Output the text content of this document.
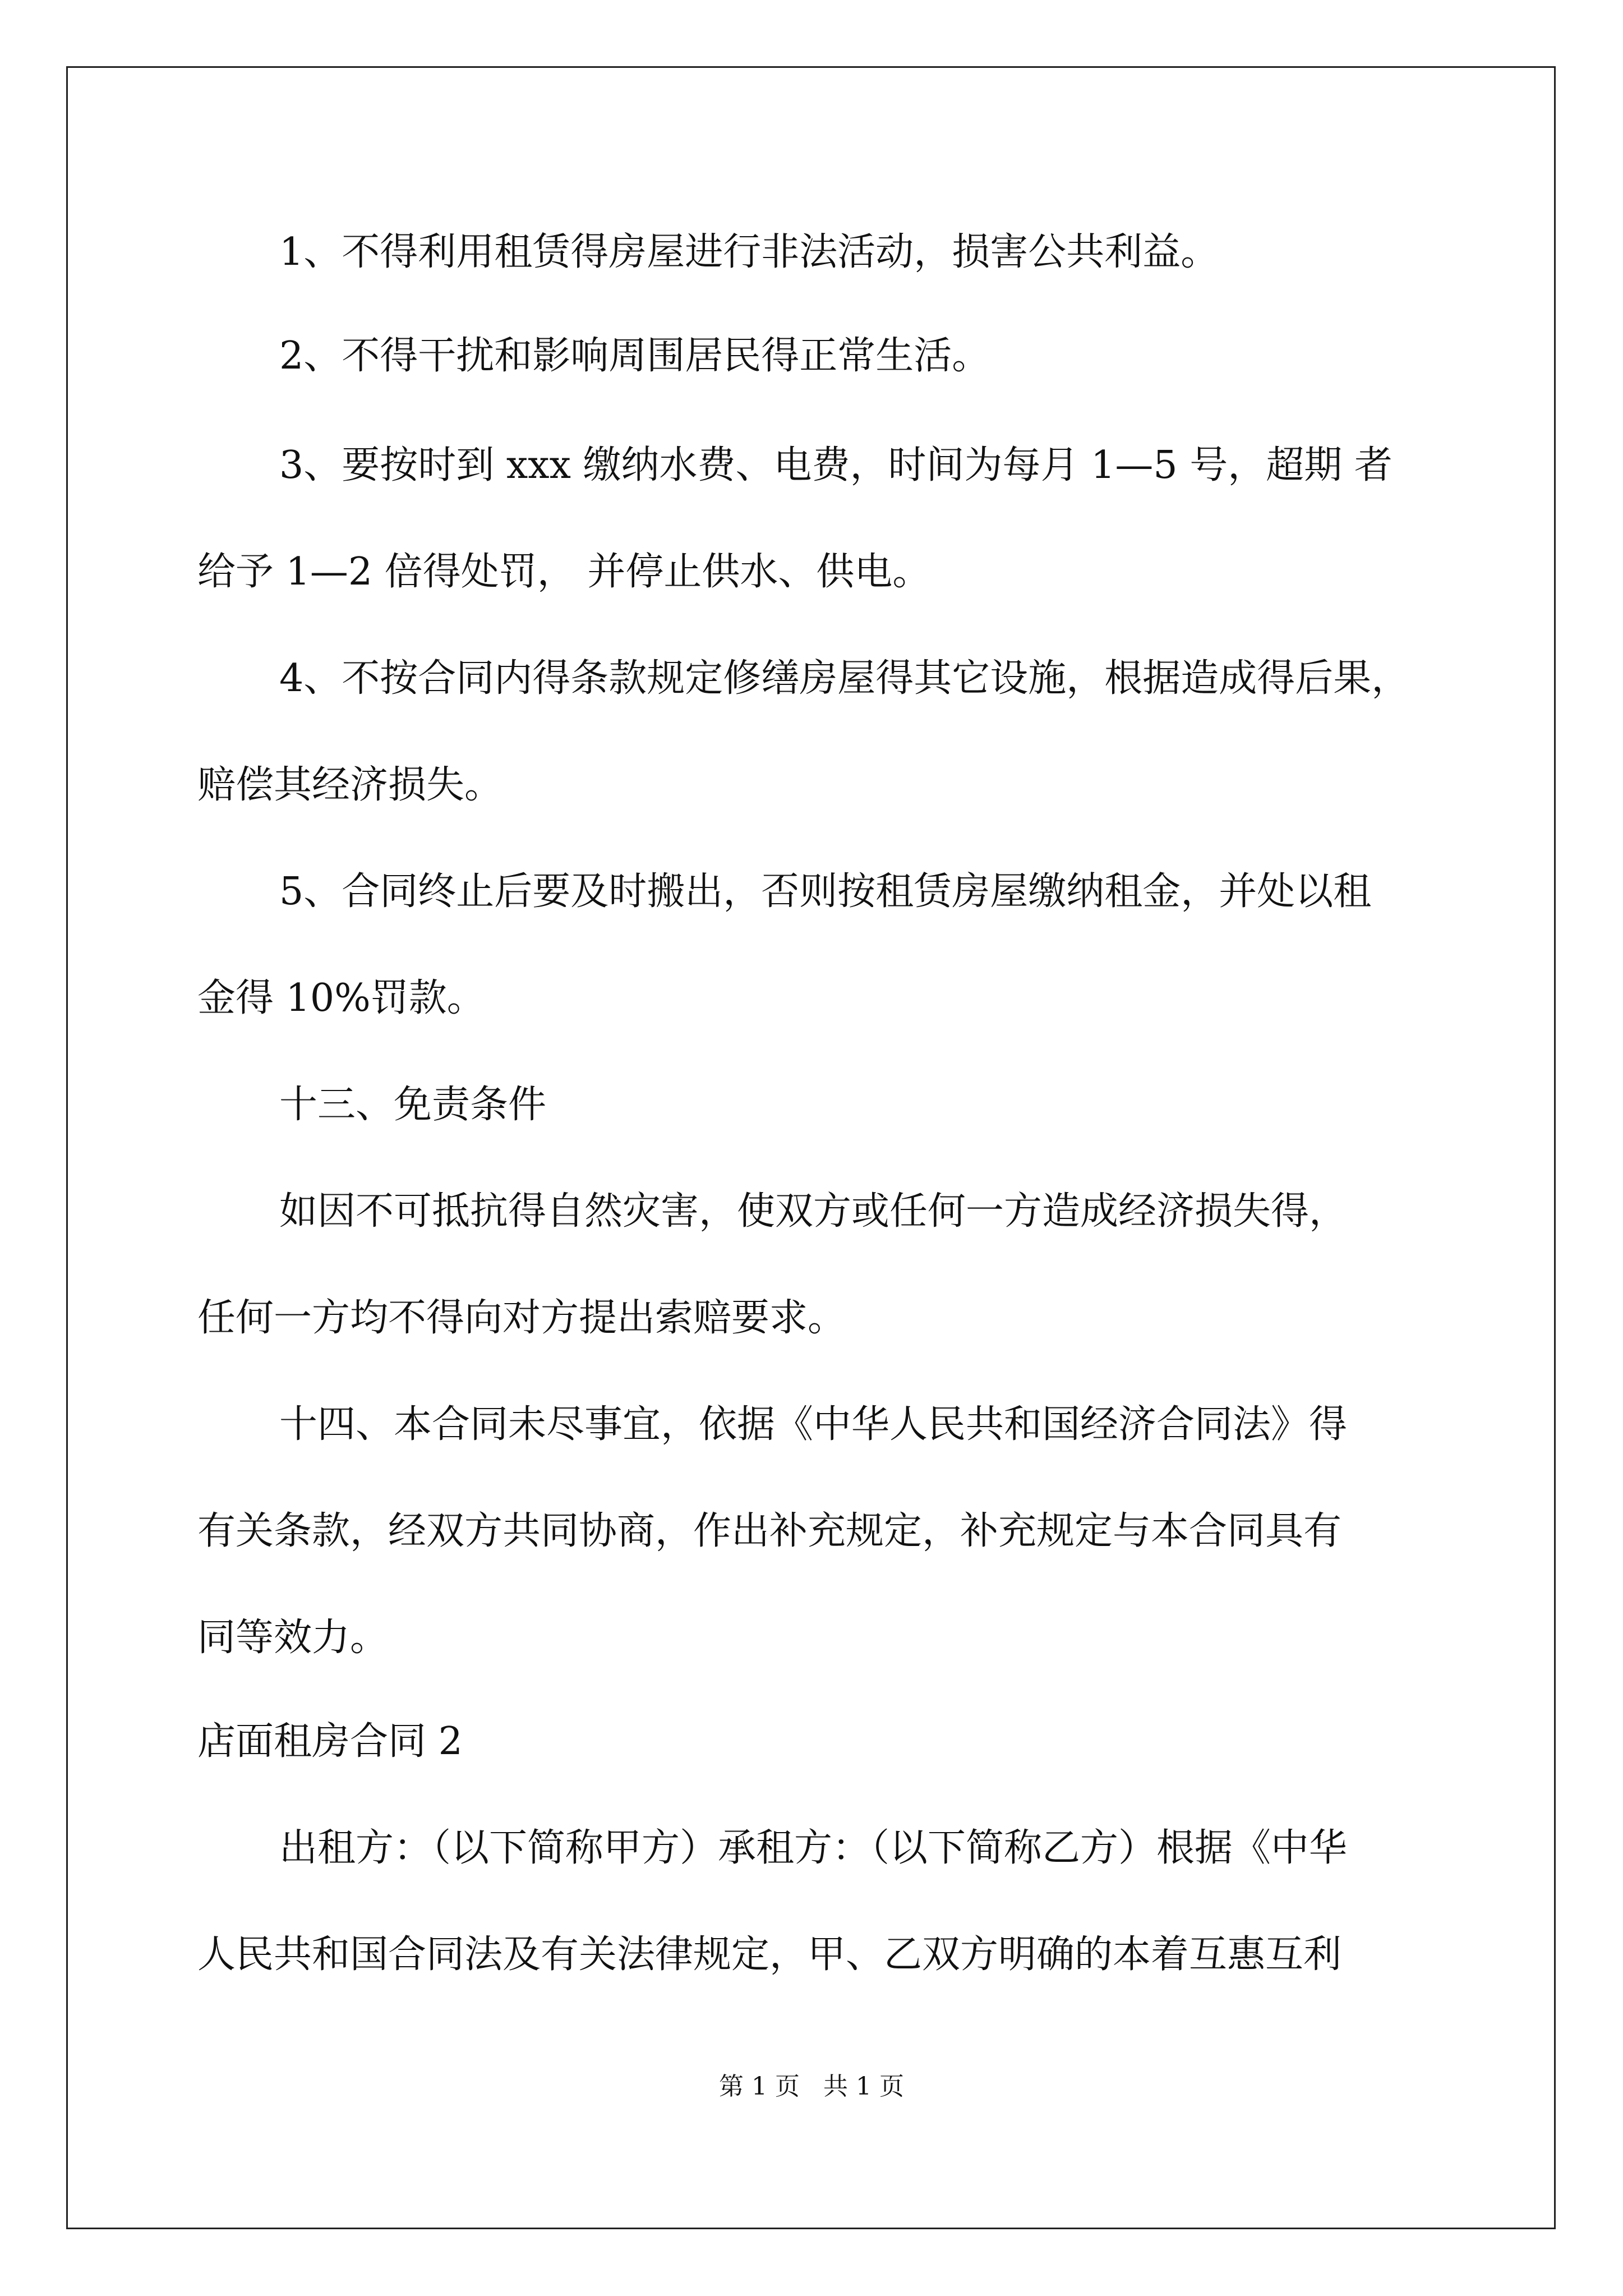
1、不得利用租赁得房屋进行非法活动，损害公共利益。

2、不得干扰和影响周围居民得正常生活。

3、要按时到 xxx 缴纳水费、电费，时间为每月 1—5 号，超期 者

给予 1—2 倍得处罚， 并停止供水、供电。

4、不按合同内得条款规定修缮房屋得其它设施，根据造成得后果，

赔偿其经济损失。

5、合同终止后要及时搬出，否则按租赁房屋缴纳租金，并处以租

金得 10%罚款。

十三、免责条件

如因不可抵抗得自然灾害，使双方或任何一方造成经济损失得，

任何一方均不得向对方提出索赔要求。

十四、本合同未尽事宜，依据《中华人民共和国经济合同法》得

有关条款，经双方共同协商，作出补充规定，补充规定与本合同具有

同等效力。

店面租房合同 2

出租方：（以下简称甲方）承租方：（以下简称乙方）根据《中华

人民共和国合同法及有关法律规定，甲、乙双方明确的本着互惠互利

第 1 页   共 1 页
